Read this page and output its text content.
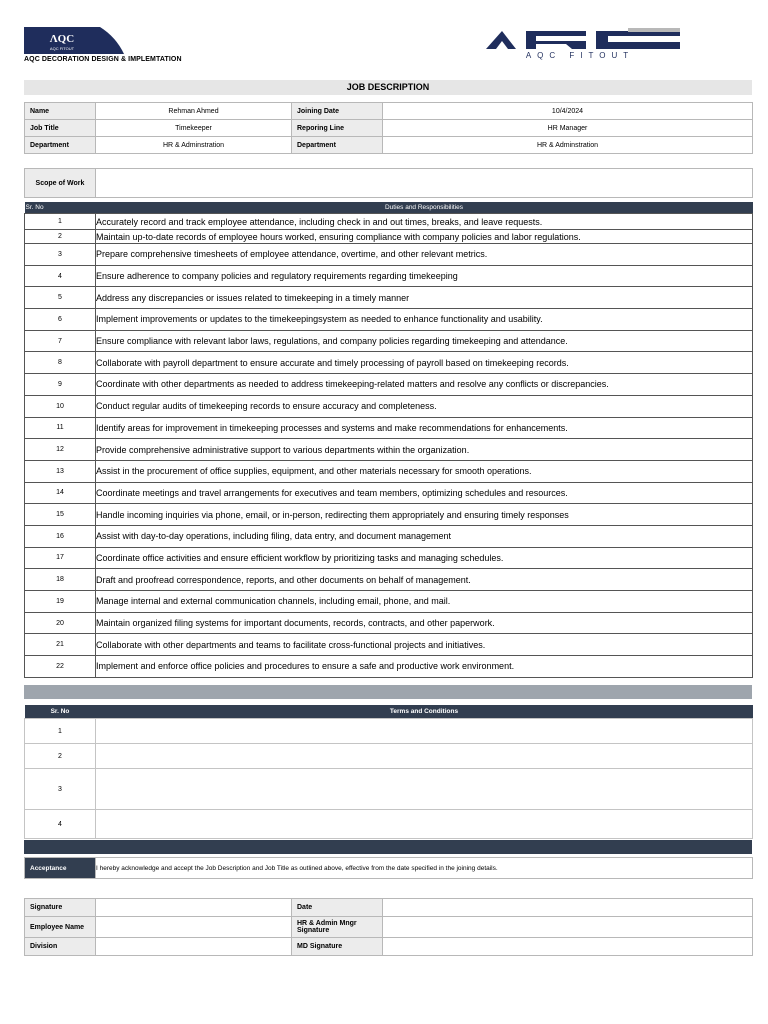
ΛQC
AQC FITOUT
AQC DECORATION DESIGN & IMPLEMTATION	AQC FITOUT
JOB DESCRIPTION
Name	Rehman Ahmed	Joining Date	10/4/2024
Job Title	Timekeeper	Reporing Line	HR Manager
Department	HR & Adminstration	Department	HR & Adminstration
Scope of Work	
Sr. No	Duties and Responsibilities
1	Accurately record and track employee attendance, including check in and out times, breaks, and leave requests.
2	Maintain up-to-date records of employee hours worked, ensuring compliance with company policies and labor regulations.
3	Prepare comprehensive timesheets of employee attendance, overtime, and other relevant metrics.
4	Ensure adherence to company policies and regulatory requirements regarding timekeeping
5	Address any discrepancies or issues related to timekeeping in a timely manner
6	Implement improvements or updates to the timekeepingsystem as needed to enhance functionality and usability.
7	Ensure compliance with relevant labor laws, regulations, and company policies regarding timekeeping and attendance.
8	Collaborate with payroll department to ensure accurate and timely processing of payroll based on timekeeping records.
9	Coordinate with other departments as needed to address timekeeping-related matters and resolve any conflicts or discrepancies.
10	Conduct regular audits of timekeeping records to ensure accuracy and completeness.
11	Identify areas for improvement in timekeeping processes and systems and make recommendations for enhancements.
12	Provide comprehensive administrative support to various departments within the organization.
13	Assist in the procurement of office supplies, equipment, and other materials necessary for smooth operations.
14	Coordinate meetings and travel arrangements for executives and team members, optimizing schedules and resources.
15	Handle incoming inquiries via phone, email, or in-person, redirecting them appropriately and ensuring timely responses
16	Assist with day-to-day operations, including filing, data entry, and document management
17	Coordinate office activities and ensure efficient workflow by prioritizing tasks and managing schedules.
18	Draft and proofread correspondence, reports, and other documents on behalf of management.
19	Manage internal and external communication channels, including email, phone, and mail.
20	Maintain organized filing systems for important documents, records, contracts, and other paperwork.
21	Collaborate with other departments and teams to facilitate cross-functional projects and initiatives.
22	Implement and enforce office policies and procedures to ensure a safe and productive work environment.
Sr. No	Terms and Conditions
1	
2	
3	
4	
Acceptance	I hereby acknowledge and accept the Job Description and Job Title as outlined above, effective from the date specified in the joining details.
Signature		Date	
Employee Name		HR & Admin Mngr Signature	
Division		MD Signature	
